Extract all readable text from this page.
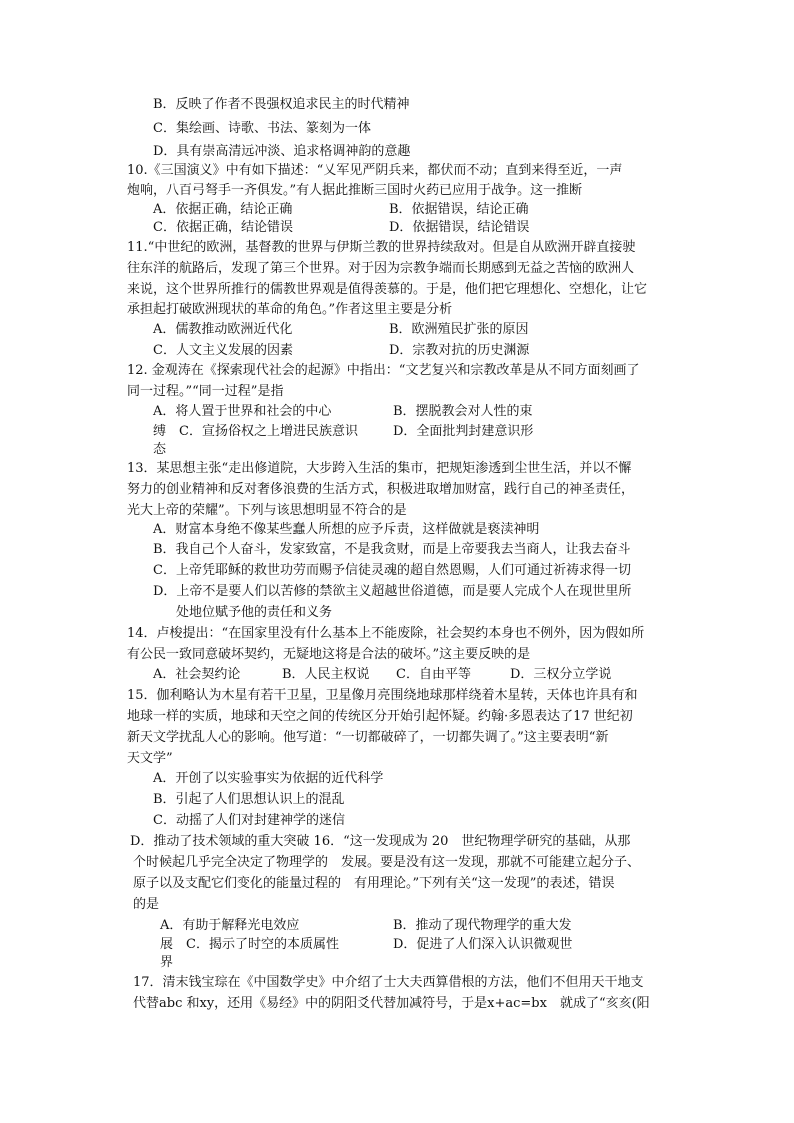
B．反映了作者不畏强权追求民主的时代精神
C．集绘画、诗歌、书法、篆刻为一体
D．具有崇高清远冲淡、追求格调神韵的意趣
10.《三国演义》中有如下描述：“乂军见严阴兵来，都伏而不动；直到来得至近，一声
炮响，八百弓弩手一齐俱发。”有人据此推断三国时火药已应用于战争。这一推断
A．依据正确，结论正确	B．依据错误，结论正确
C．依据正确，结论错误	D．依据错误，结论错误
11.“中世纪的欧洲，基督教的世界与伊斯兰教的世界持续敌对。但是自从欧洲开辟直接驶
往东洋的航路后，发现了第三个世界。对于因为宗教争端而长期感到无益之苦恼的欧洲人
来说，这个世界所推行的儒教世界观是值得羡慕的。于是，他们把它理想化、空想化，让它
承担起打破欧洲现状的革命的角色。”作者这里主要是分析
A．儒教推动欧洲近代化	B．欧洲殖民扩张的原因
C．人文主义发展的因素	D．宗教对抗的历史渊源
12. 金观涛在《探索现代社会的起源》中指出：“文艺复兴和宗教改革是从不同方面刻画了
同一过程。”“同一过程”是指
A．将人置于世界和社会的中心	B．摆脱教会对人性的束
缚　C．宣扬俗权之上增进民族意识	D．全面批判封建意识形
态
13．某思想主张“走出修道院，大步跨入生活的集市，把规矩渗透到尘世生活，并以不懈
努力的创业精神和反对奢侈浪费的生活方式，积极进取增加财富，践行自己的神圣责任，
光大上帝的荣耀”。下列与该思想明显不符合的是
A．财富本身绝不像某些蠢人所想的应予斥责，这样做就是亵渎神明
B．我自己个人奋斗，发家致富，不是我贪财，而是上帝要我去当商人，让我去奋斗
C．上帝凭耶稣的救世功劳而赐予信徒灵魂的超自然恩赐，人们可通过祈祷求得一切
D．上帝不是要人们以苦修的禁欲主义超越世俗道德，而是要人完成个人在现世里所
处地位赋予他的责任和义务
14．卢梭提出：“在国家里没有什么基本上不能废除，社会契约本身也不例外，因为假如所
有公民一致同意破坏契约，无疑地这将是合法的破坏。”这主要反映的是
A．社会契约论	B．人民主权说 C．自由平等	D．三权分立学说
15．伽利略认为木星有若干卫星，卫星像月亮围绕地球那样绕着木星转，天体也许具有和
地球一样的实质，地球和天空之间的传统区分开始引起怀疑。约翰·多恩表达了17 世纪初
新天文学扰乱人心的影响。他写道：“一切都破碎了，一切都失调了。”这主要表明“新
天文学”
A．开创了以实验事实为依据的近代科学
B．引起了人们思想认识上的混乱
C．动摇了人们对封建神学的迷信
D．推动了技术领域的重大突破 16．“这一发现成为 20　世纪物理学研究的基础，从那
个时候起几乎完全决定了物理学的　发展。要是没有这一发现，那就不可能建立起分子、
原子以及支配它们变化的能量过程的　有用理论。”下列有关“这一发现”的表述，错误
的是
A．有助于解释光电效应	B．推动了现代物理学的重大发
展　C．揭示了时空的本质属性	D．促进了人们深入认识微观世
界
17．清末钱宝琮在《中国数学史》中介绍了士大夫西算借根的方法，他们不但用天干地支
代替abc 和xy，还用《易经》中的阴阳爻代替加减符号，于是x+ac=bx　就成了“亥亥(阳
